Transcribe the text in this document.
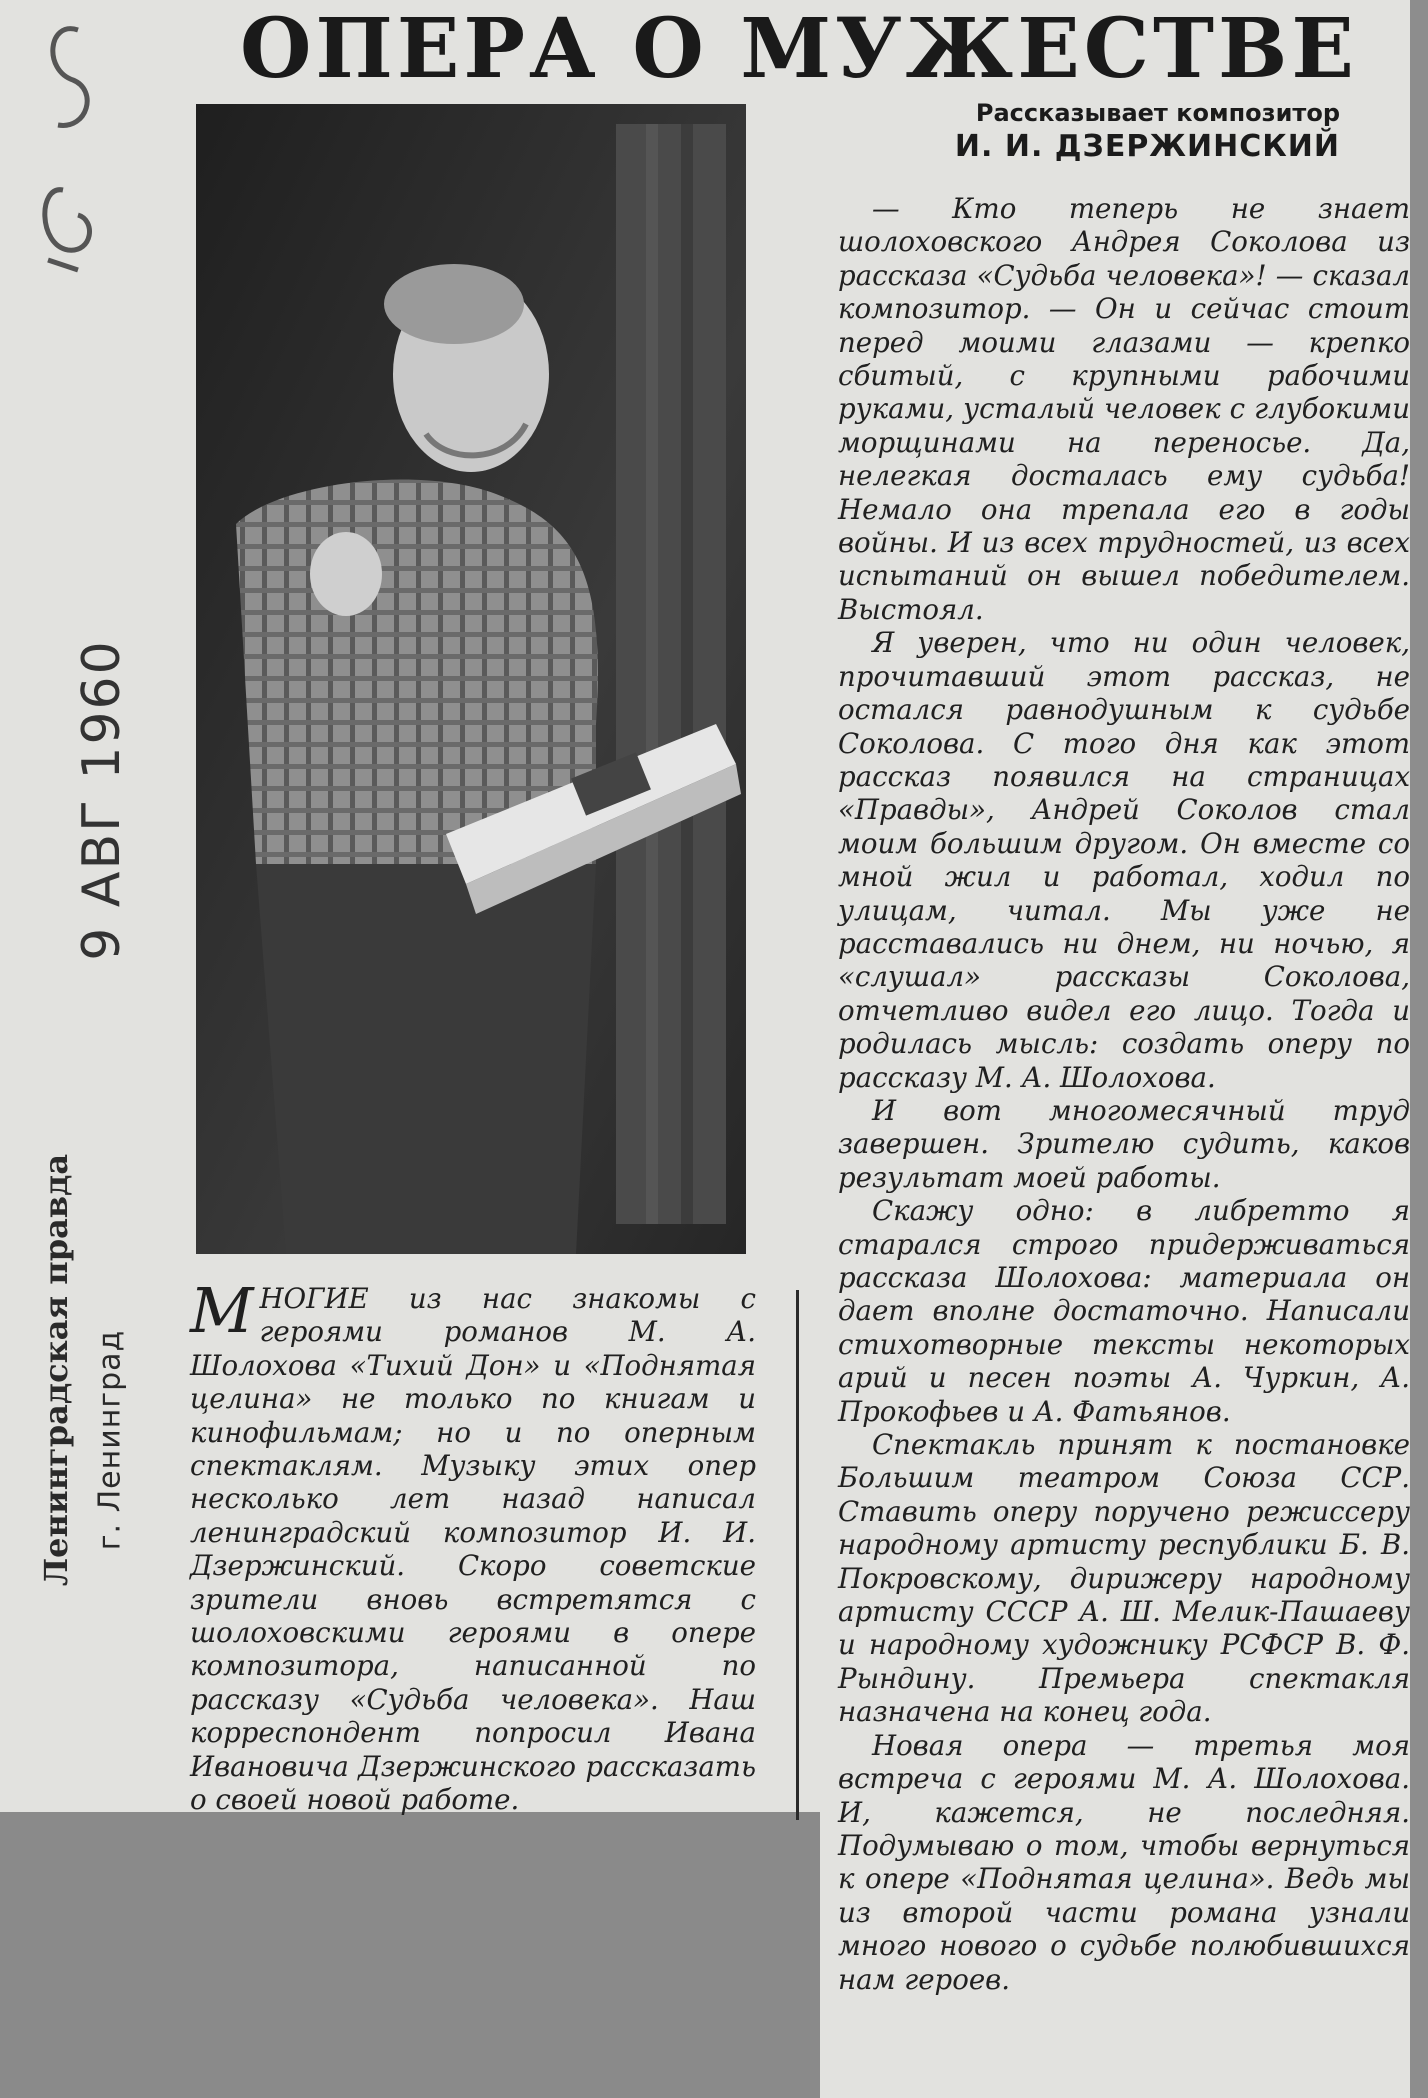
ОПЕРА О МУЖЕСТВЕ
Рассказывает композитор
И. И. ДЗЕРЖИНСКИЙ

— Кто теперь не знает шолоховского Андрея Соколова из рассказа «Судьба человека»! — сказал композитор. — Он и сейчас стоит перед моими глазами — крепко сбитый, с крупными рабочими руками, усталый человек с глубокими морщинами на переносье. Да, нелегкая досталась ему судьба! Немало она трепала его в годы войны. И из всех трудностей, из всех испытаний он вышел победителем. Выстоял.

Я уверен, что ни один человек, прочитавший этот рассказ, не остался равнодушным к судьбе Соколова. С того дня как этот рассказ появился на страницах «Правды», Андрей Соколов стал моим большим другом. Он вместе со мной жил и работал, ходил по улицам, читал. Мы уже не расставались ни днем, ни ночью, я «слушал» рассказы Соколова, отчетливо видел его лицо. Тогда и родилась мысль: создать оперу по рассказу М. А. Шолохова.

И вот многомесячный труд завершен. Зрителю судить, каков результат моей работы.

Скажу одно: в либретто я старался строго придерживаться рассказа Шолохова: материала он дает вполне достаточно. Написали стихотворные тексты некоторых арий и песен поэты А. Чуркин, А. Прокофьев и А. Фатьянов.

Спектакль принят к постановке Большим театром Союза ССР. Ставить оперу поручено режиссеру народному артисту республики Б. В. Покровскому, дирижеру народному артисту СССР А. Ш. Мелик-Пашаеву и народному художнику РСФСР В. Ф. Рындину. Премьера спектакля назначена на конец года.

Новая опера — третья моя встреча с героями М. А. Шолохова. И, кажется, не последняя. Подумываю о том, чтобы вернуться к опере «Поднятая целина». Ведь мы из второй части романа узнали много нового о судьбе полюбившихся нам героев.

МНОГИЕ из нас знакомы с героями романов М. А. Шолохова «Тихий Дон» и «Поднятая целина» не только по книгам и кинофильмам; но и по оперным спектаклям. Музыку этих опер несколько лет назад написал ленинградский композитор И. И. Дзержинский. Скоро советские зрители вновь встретятся с шолоховскими героями в опере композитора, написанной по рассказу «Судьба человека». Наш корреспондент попросил Ивана Ивановича Дзержинского рассказать о своей новой работе.

9 АВГ 1960
Ленинградская правда г. Ленинград
